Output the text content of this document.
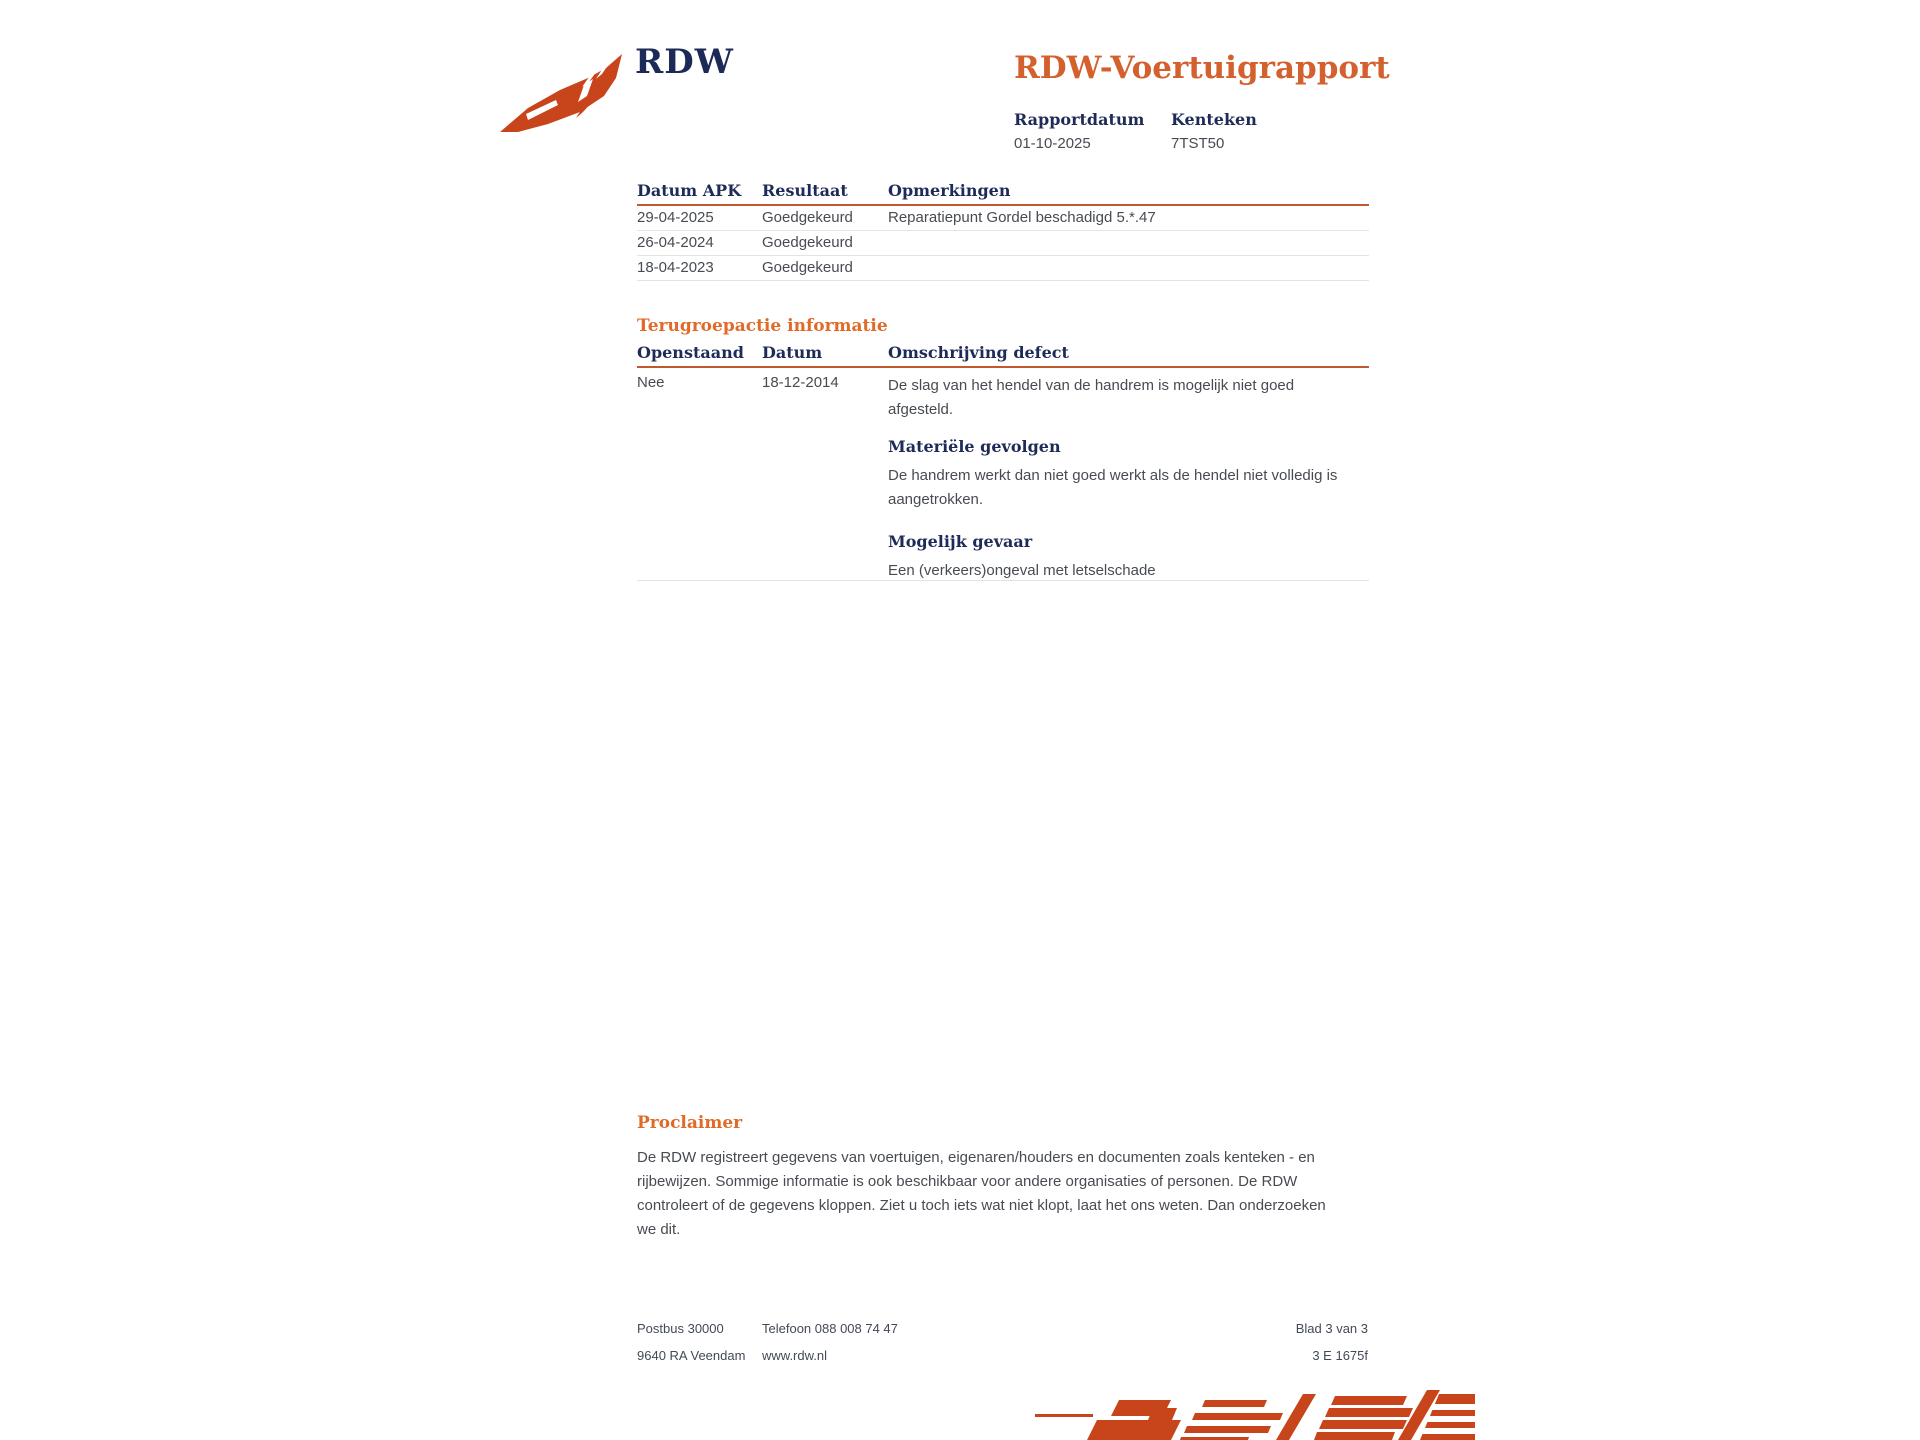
RDW	RDW-Voertuigrapport
Rapportdatum Kenteken
01-10-2025	7TST50
Datum APK	Resultaat	Opmerkingen
29-04-2025	Goedgekeurd	Reparatiepunt Gordel beschadigd 5.*.47
26-04-2024	Goedgekeurd
18-04-2023	Goedgekeurd
Terugroepactie informatie
Openstaand	Datum	Omschrijving defect
Nee	18-12-2014	De slag van het hendel van de handrem is mogelijk niet goed afgesteld.

Materiële gevolgen

De handrem werkt dan niet goed werkt als de hendel niet volledig is aangetrokken.

Mogelijk gevaar

Een (verkeers)ongeval met letselschade

Proclaimer

De RDW registreert gegevens van voertuigen, eigenaren/houders en documenten zoals kenteken - en rijbewijzen. Sommige informatie is ook beschikbaar voor andere organisaties of personen. De RDW controleert of de gegevens kloppen. Ziet u toch iets wat niet klopt, laat het ons weten. Dan onderzoeken we dit.

Postbus 30000
9640 RA Veendam
Telefoon 088 008 74 47
www.rdw.nl
Blad 3 van 3
3 E 1675f
